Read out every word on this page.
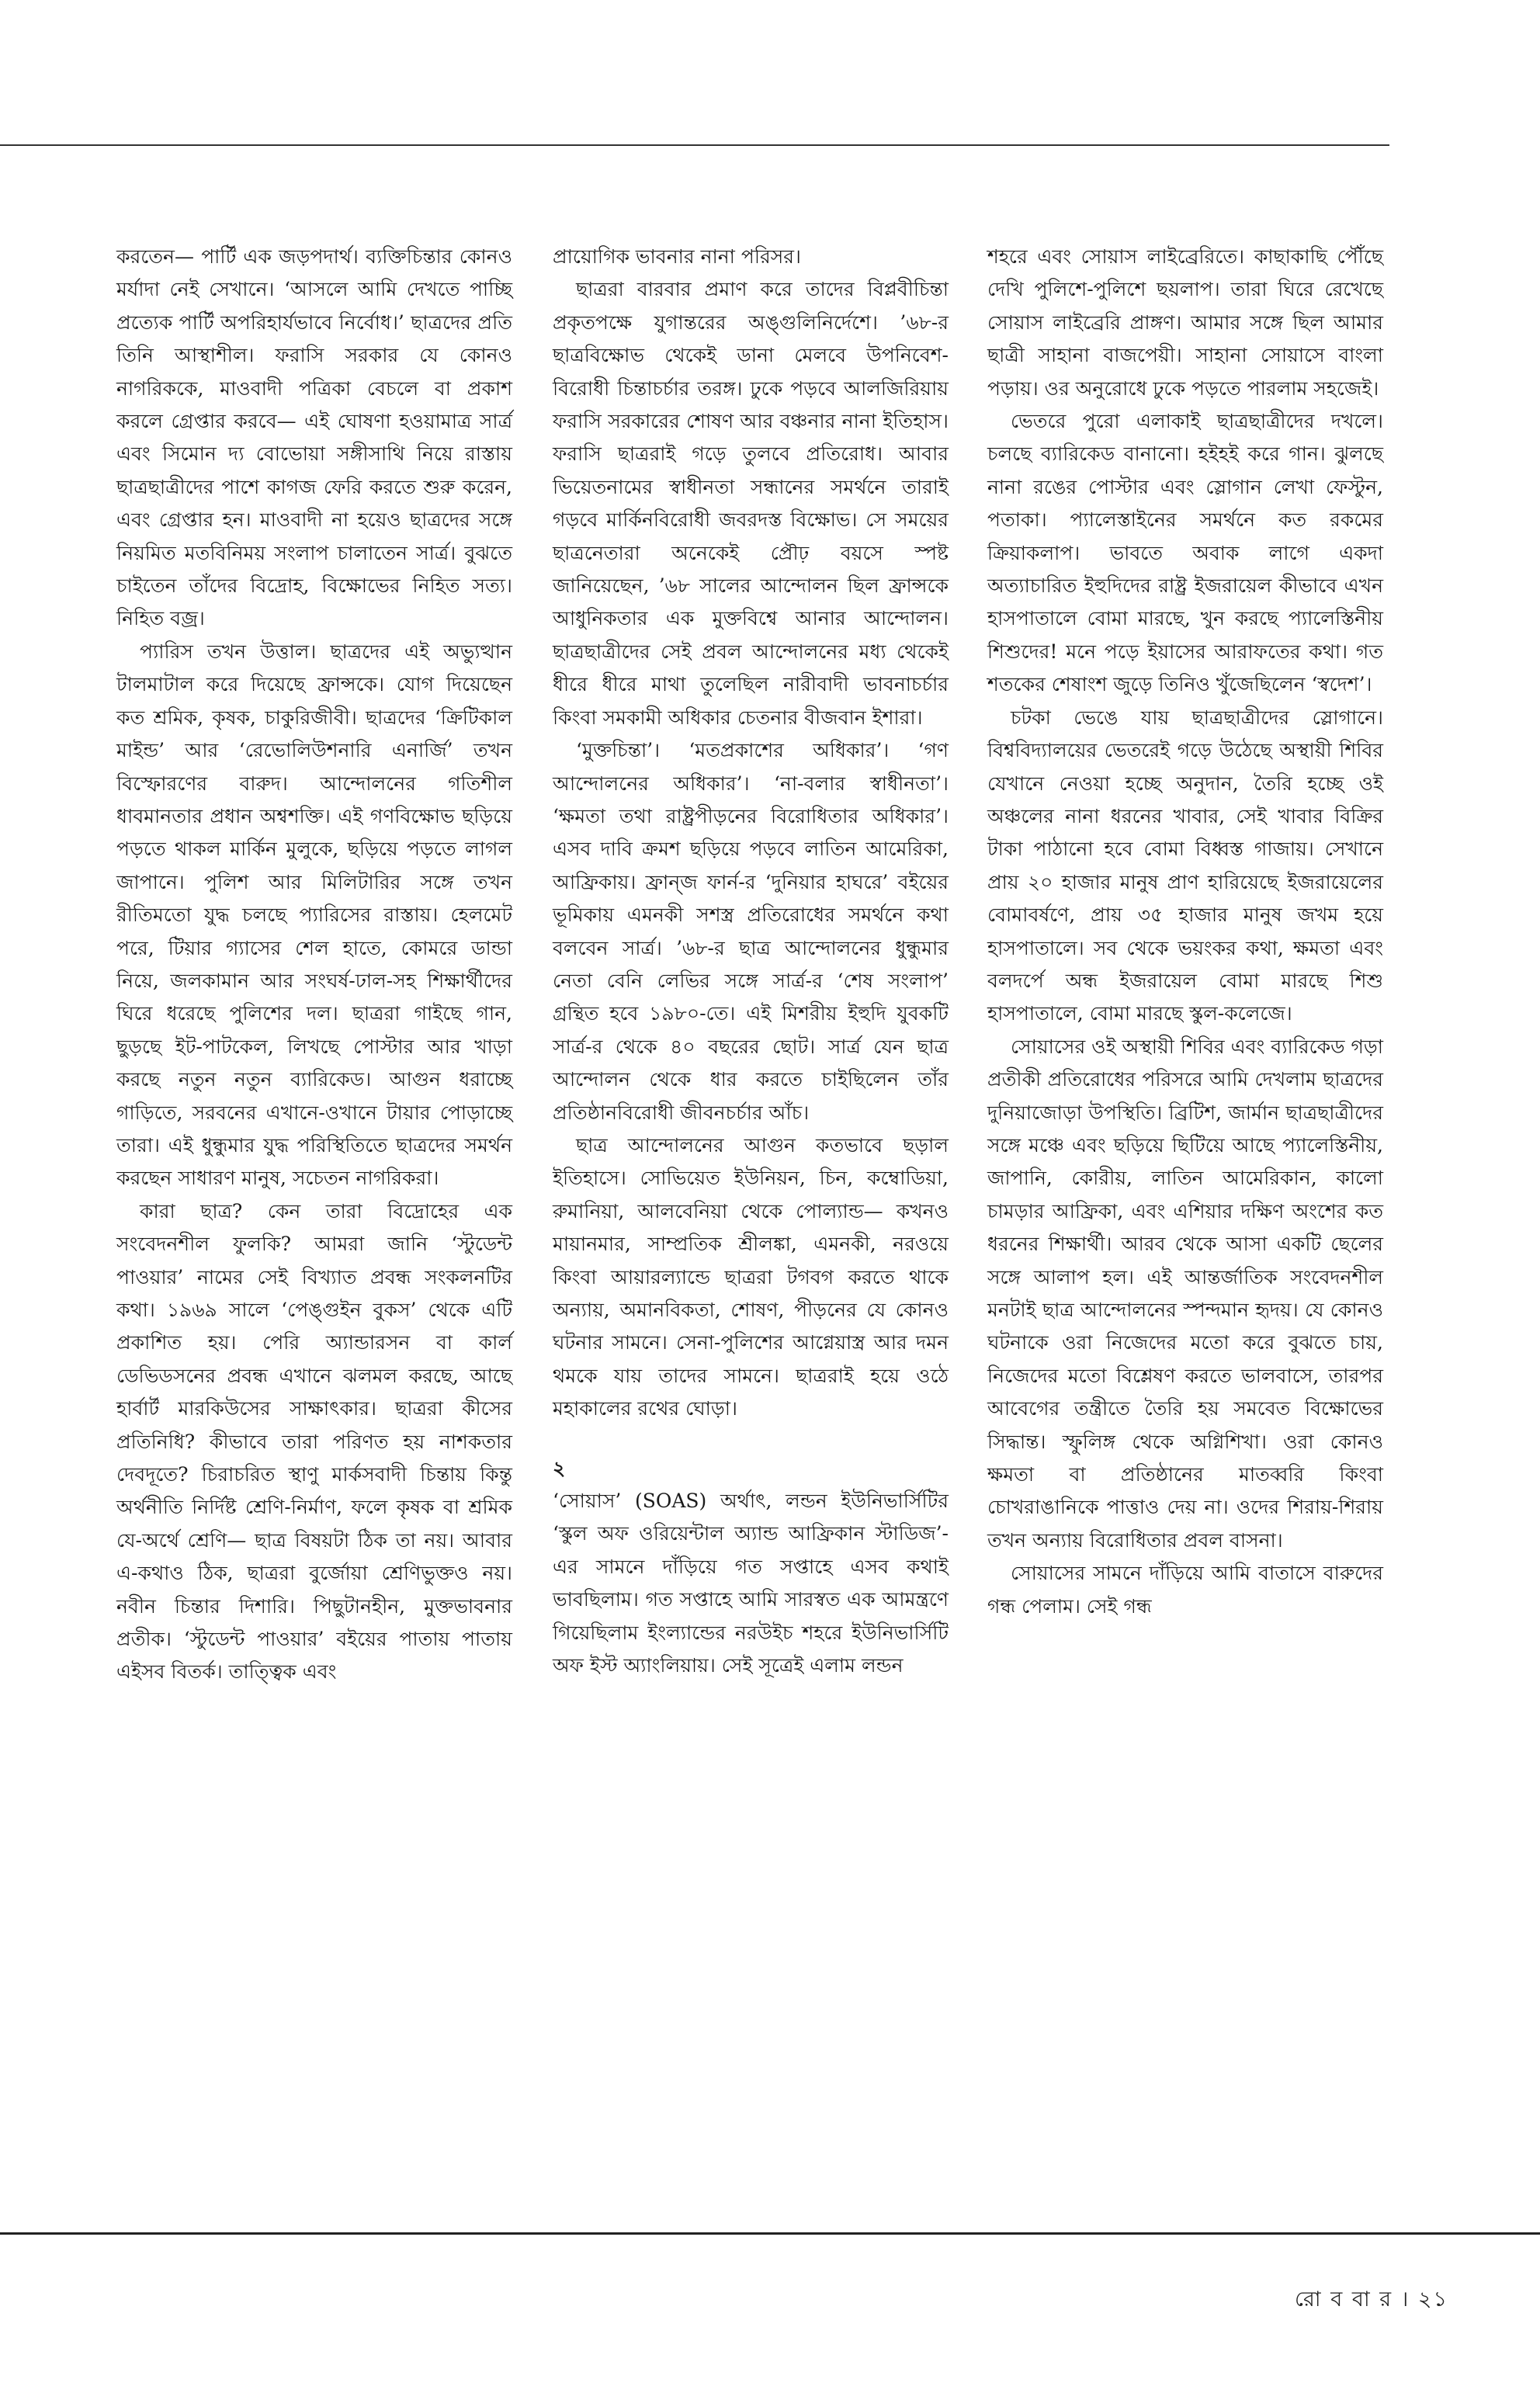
করতেন— পার্টি এক জড়পদার্থ। ব্যক্তিচিন্তার কোনও মর্যাদা নেই সেখানে। ‘আসলে আমি দেখতে পাচ্ছি প্রত্যেক পার্টি অপরিহার্যভাবে নির্বোধ।’ ছাত্রদের প্রতি তিনি আস্থাশীল। ফরাসি সরকার যে কোনও নাগরিককে, মাওবাদী পত্রিকা বেচলে বা প্রকাশ করলে গ্রেপ্তার করবে— এই ঘোষণা হওয়ামাত্র সার্ত্র এবং সিমোন দ্য বোভোয়া সঙ্গীসাথি নিয়ে রাস্তায় ছাত্রছাত্রীদের পাশে কাগজ ফেরি করতে শুরু করেন, এবং গ্রেপ্তার হন। মাওবাদী না হয়েও ছাত্রদের সঙ্গে নিয়মিত মতবিনিময় সংলাপ চালাতেন সার্ত্র। বুঝতে চাইতেন তাঁদের বিদ্রোহ, বিক্ষোভের নিহিত সত্য। নিহিত বজ্র।

প্যারিস তখন উত্তাল। ছাত্রদের এই অভ্যুত্থান টালমাটাল করে দিয়েছে ফ্রান্সকে। যোগ দিয়েছেন কত শ্রমিক, কৃষক, চাকুরিজীবী। ছাত্রদের ‘ক্রিটিকাল মাইন্ড’ আর ‘রেভোলিউশনারি এনার্জি’ তখন বিস্ফোরণের বারুদ। আন্দোলনের গতিশীল ধাবমানতার প্রধান অশ্বশক্তি। এই গণবিক্ষোভ ছড়িয়ে পড়তে থাকল মার্কিন মুলুকে, ছড়িয়ে পড়তে লাগল জাপানে। পুলিশ আর মিলিটারির সঙ্গে তখন রীতিমতো যুদ্ধ চলছে প্যারিসের রাস্তায়। হেলমেট পরে, টিয়ার গ্যাসের শেল হাতে, কোমরে ডান্ডা নিয়ে, জলকামান আর সংঘর্ষ-ঢাল-সহ শিক্ষার্থীদের ঘিরে ধরেছে পুলিশের দল। ছাত্ররা গাইছে গান, ছুড়ছে ইট-পাটকেল, লিখছে পোস্টার আর খাড়া করছে নতুন নতুন ব্যারিকেড। আগুন ধরাচ্ছে গাড়িতে, সরবনের এখানে-ওখানে টায়ার পোড়াচ্ছে তারা। এই ধুন্ধুমার যুদ্ধ পরিস্থিতিতে ছাত্রদের সমর্থন করছেন সাধারণ মানুষ, সচেতন নাগরিকরা।

কারা ছাত্র? কেন তারা বিদ্রোহের এক সংবেদনশীল ফুলকি? আমরা জানি ‘স্টুডেন্ট পাওয়ার’ নামের সেই বিখ্যাত প্রবন্ধ সংকলনটির কথা। ১৯৬৯ সালে ‘পেঙ্গুইন বুকস’ থেকে এটি প্রকাশিত হয়। পেরি অ্যান্ডারসন বা কার্ল ডেভিডসনের প্রবন্ধ এখানে ঝলমল করছে, আছে হার্বার্ট মারকিউসের সাক্ষাৎকার। ছাত্ররা কীসের প্রতিনিধি? কীভাবে তারা পরিণত হয় নাশকতার দেবদূতে? চিরাচরিত স্থাণু মার্কসবাদী চিন্তায় কিন্তু অর্থনীতি নির্দিষ্ট শ্রেণি-নির্মাণ, ফলে কৃষক বা শ্রমিক যে-অর্থে শ্রেণি— ছাত্র বিষয়টা ঠিক তা নয়। আবার এ-কথাও ঠিক, ছাত্ররা বুর্জোয়া শ্রেণিভুক্তও নয়। নবীন চিন্তার দিশারি। পিছুটানহীন, মুক্তভাবনার প্রতীক। ‘স্টুডেন্ট পাওয়ার’ বইয়ের পাতায় পাতায় এইসব বিতর্ক। তাত্ত্বিক এবং

প্রায়োগিক ভাবনার নানা পরিসর।

ছাত্ররা বারবার প্রমাণ করে তাদের বিপ্লবীচিন্তা প্রকৃতপক্ষে যুগান্তরের অঙ্গুলিনির্দেশে। ’৬৮-র ছাত্রবিক্ষোভ থেকেই ডানা মেলবে উপনিবেশ-বিরোধী চিন্তাচর্চার তরঙ্গ। ঢুকে পড়বে আলজিরিয়ায় ফরাসি সরকারের শোষণ আর বঞ্চনার নানা ইতিহাস। ফরাসি ছাত্ররাই গড়ে তুলবে প্রতিরোধ। আবার ভিয়েতনামের স্বাধীনতা সন্ধানের সমর্থনে তারাই গড়বে মার্কিনবিরোধী জবরদস্ত বিক্ষোভ। সে সময়ের ছাত্রনেতারা অনেকেই প্রৌঢ় বয়সে স্পষ্ট জানিয়েছেন, ’৬৮ সালের আন্দোলন ছিল ফ্রান্সকে আধুনিকতার এক মুক্তবিশ্বে আনার আন্দোলন। ছাত্রছাত্রীদের সেই প্রবল আন্দোলনের মধ্য থেকেই ধীরে ধীরে মাথা তুলেছিল নারীবাদী ভাবনাচর্চার কিংবা সমকামী অধিকার চেতনার বীজবান ইশারা।

‘মুক্তচিন্তা’। ‘মতপ্রকাশের অধিকার’। ‘গণ আন্দোলনের অধিকার’। ‘না-বলার স্বাধীনতা’। ‘ক্ষমতা তথা রাষ্ট্রপীড়নের বিরোধিতার অধিকার’। এসব দাবি ক্রমশ ছড়িয়ে পড়বে লাতিন আমেরিকা, আফ্রিকায়। ফ্রান্জ ফার্ন-র ‘দুনিয়ার হাঘরে’ বইয়ের ভূমিকায় এমনকী সশস্ত্র প্রতিরোধের সমর্থনে কথা বলবেন সার্ত্র। ’৬৮-র ছাত্র আন্দোলনের ধুন্ধুমার নেতা বেনি লেভির সঙ্গে সার্ত্র-র ‘শেষ সংলাপ’ গ্রন্থিত হবে ১৯৮০-তে। এই মিশরীয় ইহুদি যুবকটি সার্ত্র-র থেকে ৪০ বছরের ছোট। সার্ত্র যেন ছাত্র আন্দোলন থেকে ধার করতে চাইছিলেন তাঁর প্রতিষ্ঠানবিরোধী জীবনচর্চার আঁচ।

ছাত্র আন্দোলনের আগুন কতভাবে ছড়াল ইতিহাসে। সোভিয়েত ইউনিয়ন, চিন, কম্বোডিয়া, রুমানিয়া, আলবেনিয়া থেকে পোল্যান্ড— কখনও মায়ানমার, সাম্প্রতিক শ্রীলঙ্কা, এমনকী, নরওয়ে কিংবা আয়ারল্যান্ডে ছাত্ররা টগবগ করতে থাকে অন্যায়, অমানবিকতা, শোষণ, পীড়নের যে কোনও ঘটনার সামনে। সেনা-পুলিশের আগ্নেয়াস্ত্র আর দমন থমকে যায় তাদের সামনে। ছাত্ররাই হয়ে ওঠে মহাকালের রথের ঘোড়া।

২

‘সোয়াস’ (SOAS) অর্থাৎ, লন্ডন ইউনিভার্সিটির ‘স্কুল অফ ওরিয়েন্টাল অ্যান্ড আফ্রিকান স্টাডিজ’-এর সামনে দাঁড়িয়ে গত সপ্তাহে এসব কথাই ভাবছিলাম। গত সপ্তাহে আমি সারস্বত এক আমন্ত্রণে গিয়েছিলাম ইংল্যান্ডের নরউইচ শহরে ইউনিভার্সিটি অফ ইস্ট অ্যাংলিয়ায়। সেই সূত্রেই এলাম লন্ডন

শহরে এবং সোয়াস লাইব্রেরিতে। কাছাকাছি পৌঁছে দেখি পুলিশে-পুলিশে ছয়লাপ। তারা ঘিরে রেখেছে সোয়াস লাইব্রেরি প্রাঙ্গণ। আমার সঙ্গে ছিল আমার ছাত্রী সাহানা বাজপেয়ী। সাহানা সোয়াসে বাংলা পড়ায়। ওর অনুরোধে ঢুকে পড়তে পারলাম সহজেই।

ভেতরে পুরো এলাকাই ছাত্রছাত্রীদের দখলে। চলছে ব্যারিকেড বানানো। হইহই করে গান। ঝুলছে নানা রঙের পোস্টার এবং স্লোগান লেখা ফেস্টুন, পতাকা। প্যালেস্তাইনের সমর্থনে কত রকমের ক্রিয়াকলাপ। ভাবতে অবাক লাগে একদা অত্যাচারিত ইহুদিদের রাষ্ট্র ইজরায়েল কীভাবে এখন হাসপাতালে বোমা মারছে, খুন করছে প্যালেস্তিনীয় শিশুদের! মনে পড়ে ইয়াসের আরাফতের কথা। গত শতকের শেষাংশ জুড়ে তিনিও খুঁজেছিলেন ‘স্বদেশ’।

চটকা ভেঙে যায় ছাত্রছাত্রীদের স্লোগানে। বিশ্ববিদ্যালয়ের ভেতরেই গড়ে উঠেছে অস্থায়ী শিবির যেখানে নেওয়া হচ্ছে অনুদান, তৈরি হচ্ছে ওই অঞ্চলের নানা ধরনের খাবার, সেই খাবার বিক্রির টাকা পাঠানো হবে বোমা বিধ্বস্ত গাজায়। সেখানে প্রায় ২০ হাজার মানুষ প্রাণ হারিয়েছে ইজরায়েলের বোমাবর্ষণে, প্রায় ৩৫ হাজার মানুষ জখম হয়ে হাসপাতালে। সব থেকে ভয়ংকর কথা, ক্ষমতা এবং বলদর্পে অন্ধ ইজরায়েল বোমা মারছে শিশু হাসপাতালে, বোমা মারছে স্কুল-কলেজে।

সোয়াসের ওই অস্থায়ী শিবির এবং ব্যারিকেড গড়া প্রতীকী প্রতিরোধের পরিসরে আমি দেখলাম ছাত্রদের দুনিয়াজোড়া উপস্থিতি। ব্রিটিশ, জার্মান ছাত্রছাত্রীদের সঙ্গে মঞ্চে এবং ছড়িয়ে ছিটিয়ে আছে প্যালেস্তিনীয়, জাপানি, কোরীয়, লাতিন আমেরিকান, কালো চামড়ার আফ্রিকা, এবং এশিয়ার দক্ষিণ অংশের কত ধরনের শিক্ষার্থী। আরব থেকে আসা একটি ছেলের সঙ্গে আলাপ হল। এই আন্তর্জাতিক সংবেদনশীল মনটাই ছাত্র আন্দোলনের স্পন্দমান হৃদয়। যে কোনও ঘটনাকে ওরা নিজেদের মতো করে বুঝতে চায়, নিজেদের মতো বিশ্লেষণ করতে ভালবাসে, তারপর আবেগের তন্ত্রীতে তৈরি হয় সমবেত বিক্ষোভের সিদ্ধান্ত। স্ফুলিঙ্গ থেকে অগ্নিশিখা। ওরা কোনও ক্ষমতা বা প্রতিষ্ঠানের মাতব্বরি কিংবা চোখরাঙানিকে পাত্তাও দেয় না। ওদের শিরায়-শিরায় তখন অন্যায় বিরোধিতার প্রবল বাসনা।

সোয়াসের সামনে দাঁড়িয়ে আমি বাতাসে বারুদের গন্ধ পেলাম। সেই গন্ধ

রো ব বা র । ২১
